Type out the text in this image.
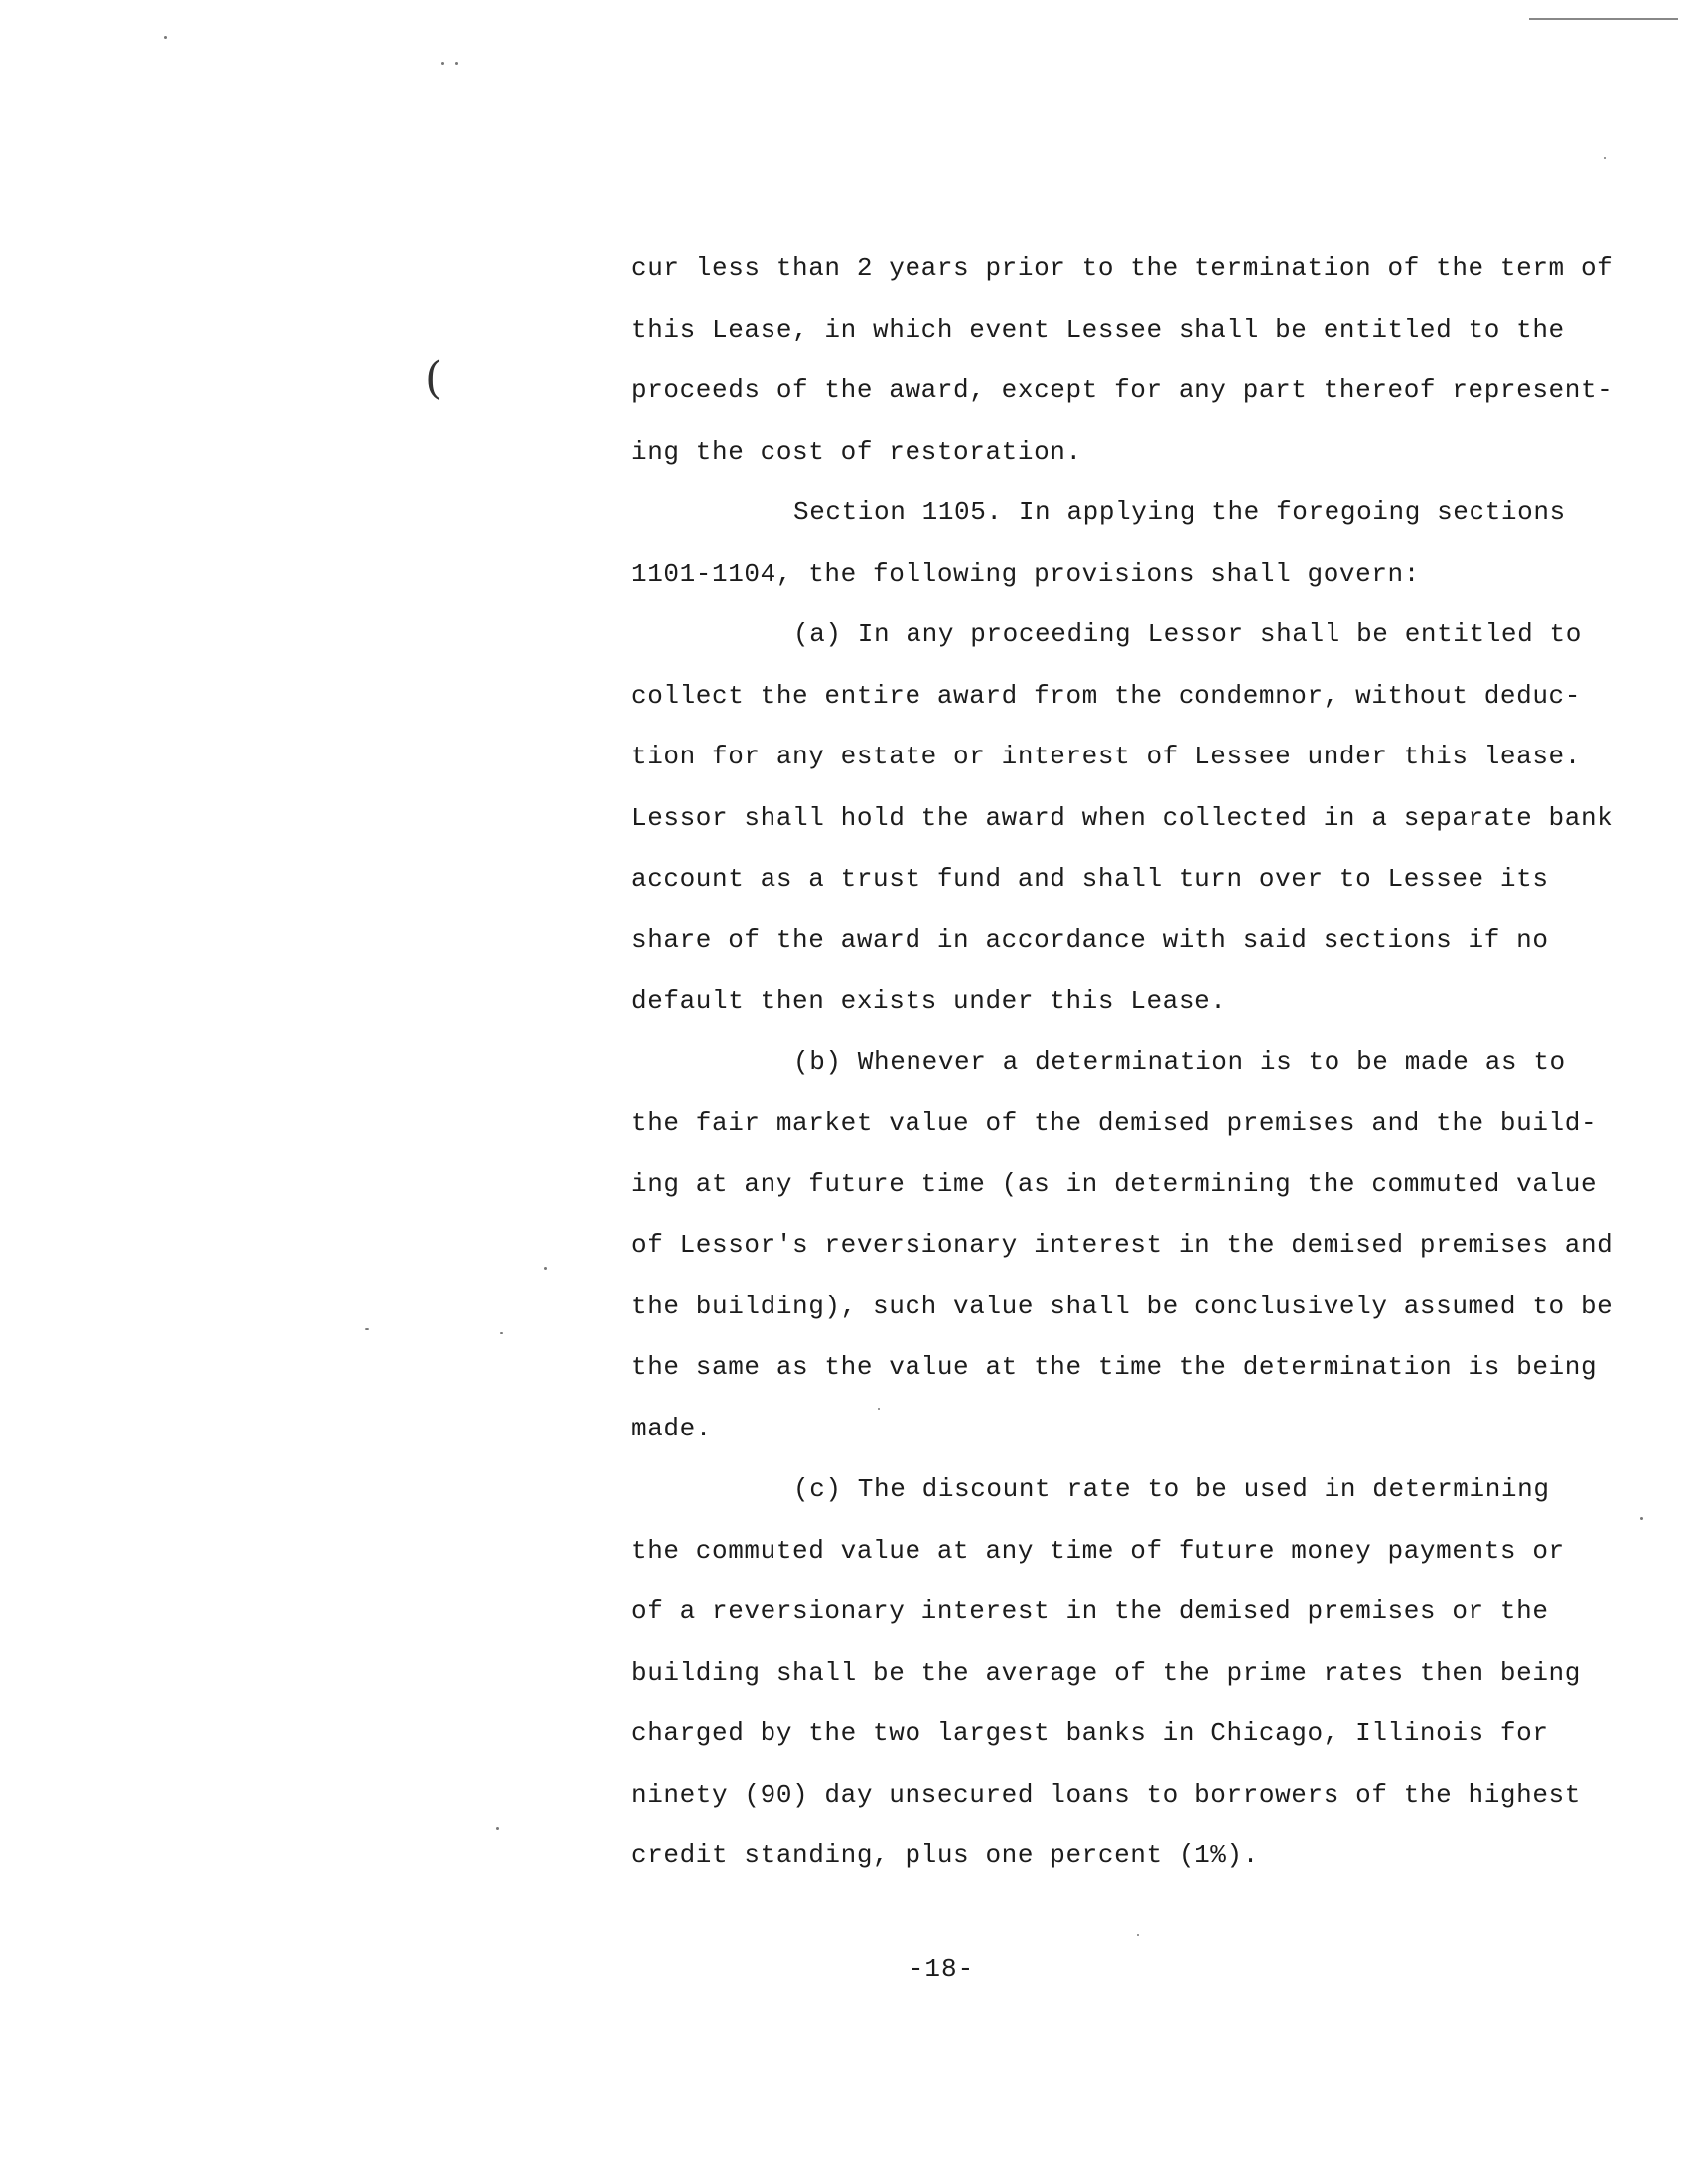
(
cur less than 2 years prior to the termination of the term of
this Lease, in which event Lessee shall be entitled to the
proceeds of the award, except for any part thereof represent-
ing the cost of restoration.
Section 1105. In applying the foregoing sections
1101-1104, the following provisions shall govern:
(a) In any proceeding Lessor shall be entitled to
collect the entire award from the condemnor, without deduc-
tion for any estate or interest of Lessee under this lease.
Lessor shall hold the award when collected in a separate bank
account as a trust fund and shall turn over to Lessee its
share of the award in accordance with said sections if no
default then exists under this Lease.
(b) Whenever a determination is to be made as to
the fair market value of the demised premises and the build-
ing at any future time (as in determining the commuted value
of Lessor's reversionary interest in the demised premises and
the building), such value shall be conclusively assumed to be
the same as the value at the time the determination is being
made.
(c) The discount rate to be used in determining
the commuted value at any time of future money payments or
of a reversionary interest in the demised premises or the
building shall be the average of the prime rates then being
charged by the two largest banks in Chicago, Illinois for
ninety (90) day unsecured loans to borrowers of the highest
credit standing, plus one percent (1%).
-18-
